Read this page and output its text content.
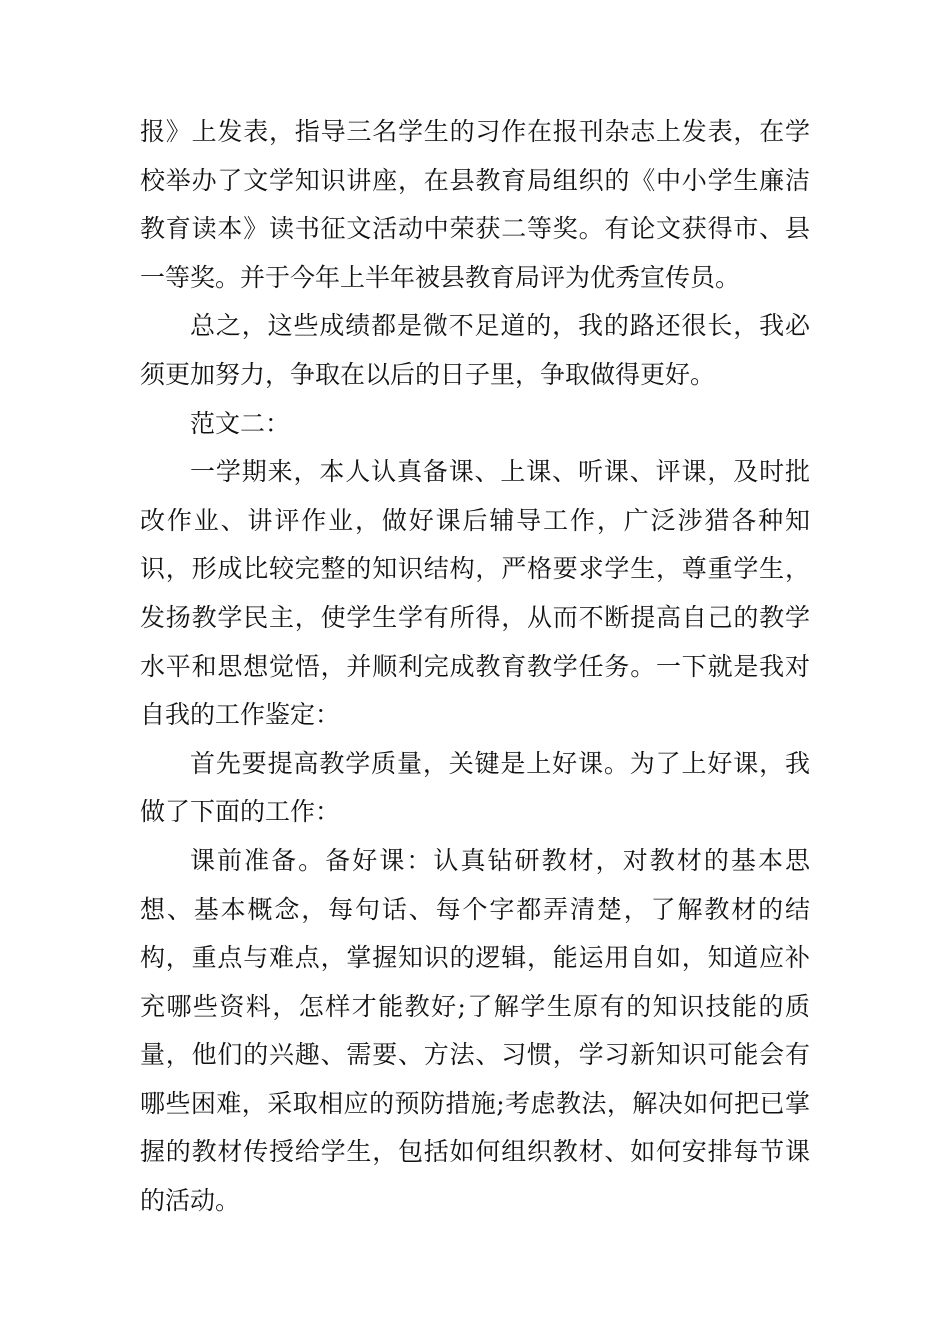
报》上发表，指导三名学生的习作在报刊杂志上发表，在学校举办了文学知识讲座，在县教育局组织的《中小学生廉洁教育读本》读书征文活动中荣获二等奖。有论文获得市、县一等奖。并于今年上半年被县教育局评为优秀宣传员。

总之，这些成绩都是微不足道的，我的路还很长，我必须更加努力，争取在以后的日子里，争取做得更好。

范文二：

一学期来，本人认真备课、上课、听课、评课，及时批改作业、讲评作业，做好课后辅导工作，广泛涉猎各种知识，形成比较完整的知识结构，严格要求学生，尊重学生，发扬教学民主，使学生学有所得，从而不断提高自己的教学水平和思想觉悟，并顺利完成教育教学任务。一下就是我对自我的工作鉴定：

首先要提高教学质量，关键是上好课。为了上好课，我做了下面的工作：

课前准备。备好课：认真钻研教材，对教材的基本思想、基本概念，每句话、每个字都弄清楚，了解教材的结构，重点与难点，掌握知识的逻辑，能运用自如，知道应补充哪些资料，怎样才能教好;了解学生原有的知识技能的质量，他们的兴趣、需要、方法、习惯，学习新知识可能会有哪些困难，采取相应的预防措施;考虑教法，解决如何把已掌握的教材传授给学生，包括如何组织教材、如何安排每节课的活动。
